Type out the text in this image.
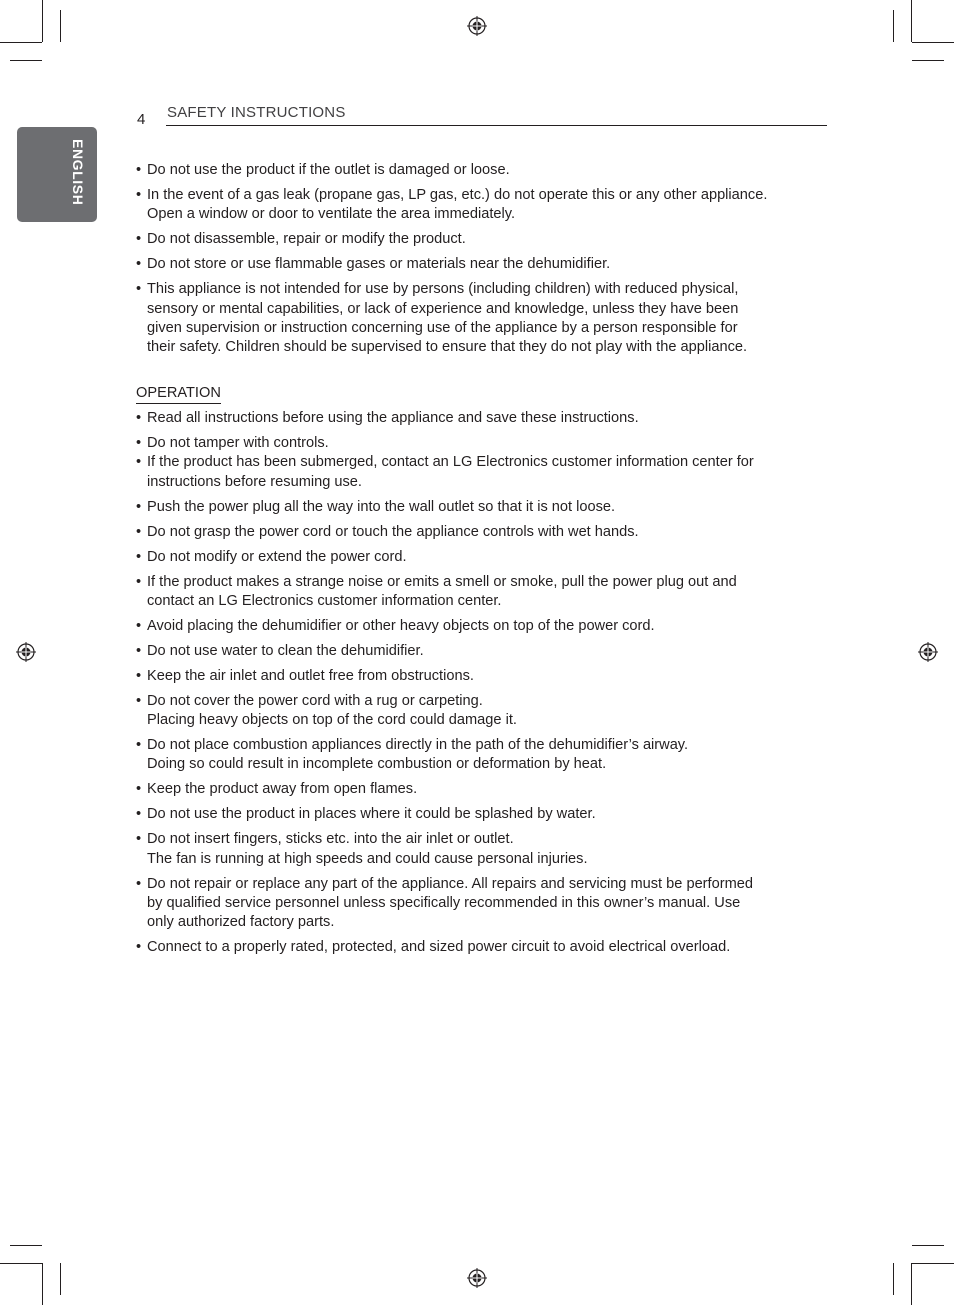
ENGLISH
4 SAFETY INSTRUCTIONS
• Do not use the product if the outlet is damaged or loose.
• In the event of a gas leak (propane gas, LP gas, etc.) do not operate this or any other appliance.
Open a window or door to ventilate the area immediately.
• Do not disassemble, repair or modify the product.
• Do not store or use flammable gases or materials near the dehumidifier.
• This appliance is not intended for use by persons (including children) with reduced physical,
sensory or mental capabilities, or lack of experience and knowledge, unless they have been
given supervision or instruction concerning use of the appliance by a person responsible for
their safety. Children should be supervised to ensure that they do not play with the appliance.
OPERATION
• Read all instructions before using the appliance and save these instructions.
• Do not tamper with controls.
• If the product has been submerged, contact an LG Electronics customer information center for
instructions before resuming use.
• Push the power plug all the way into the wall outlet so that it is not loose.
• Do not grasp the power cord or touch the appliance controls with wet hands.
• Do not modify or extend the power cord.
• If the product makes a strange noise or emits a smell or smoke, pull the power plug out and
contact an LG Electronics customer information center.
• Avoid placing the dehumidifier or other heavy objects on top of the power cord.
• Do not use water to clean the dehumidifier.
• Keep the air inlet and outlet free from obstructions.
• Do not cover the power cord with a rug or carpeting.
Placing heavy objects on top of the cord could damage it.
• Do not place combustion appliances directly in the path of the dehumidifier’s airway.
Doing so could result in incomplete combustion or deformation by heat.
• Keep the product away from open flames.
• Do not use the product in places where it could be splashed by water.
• Do not insert fingers, sticks etc. into the air inlet or outlet.
The fan is running at high speeds and could cause personal injuries.
• Do not repair or replace any part of the appliance. All repairs and servicing must be performed
by qualified service personnel unless specifically recommended in this owner’s manual. Use
only authorized factory parts.
• Connect to a properly rated, protected, and sized power circuit to avoid electrical overload.
